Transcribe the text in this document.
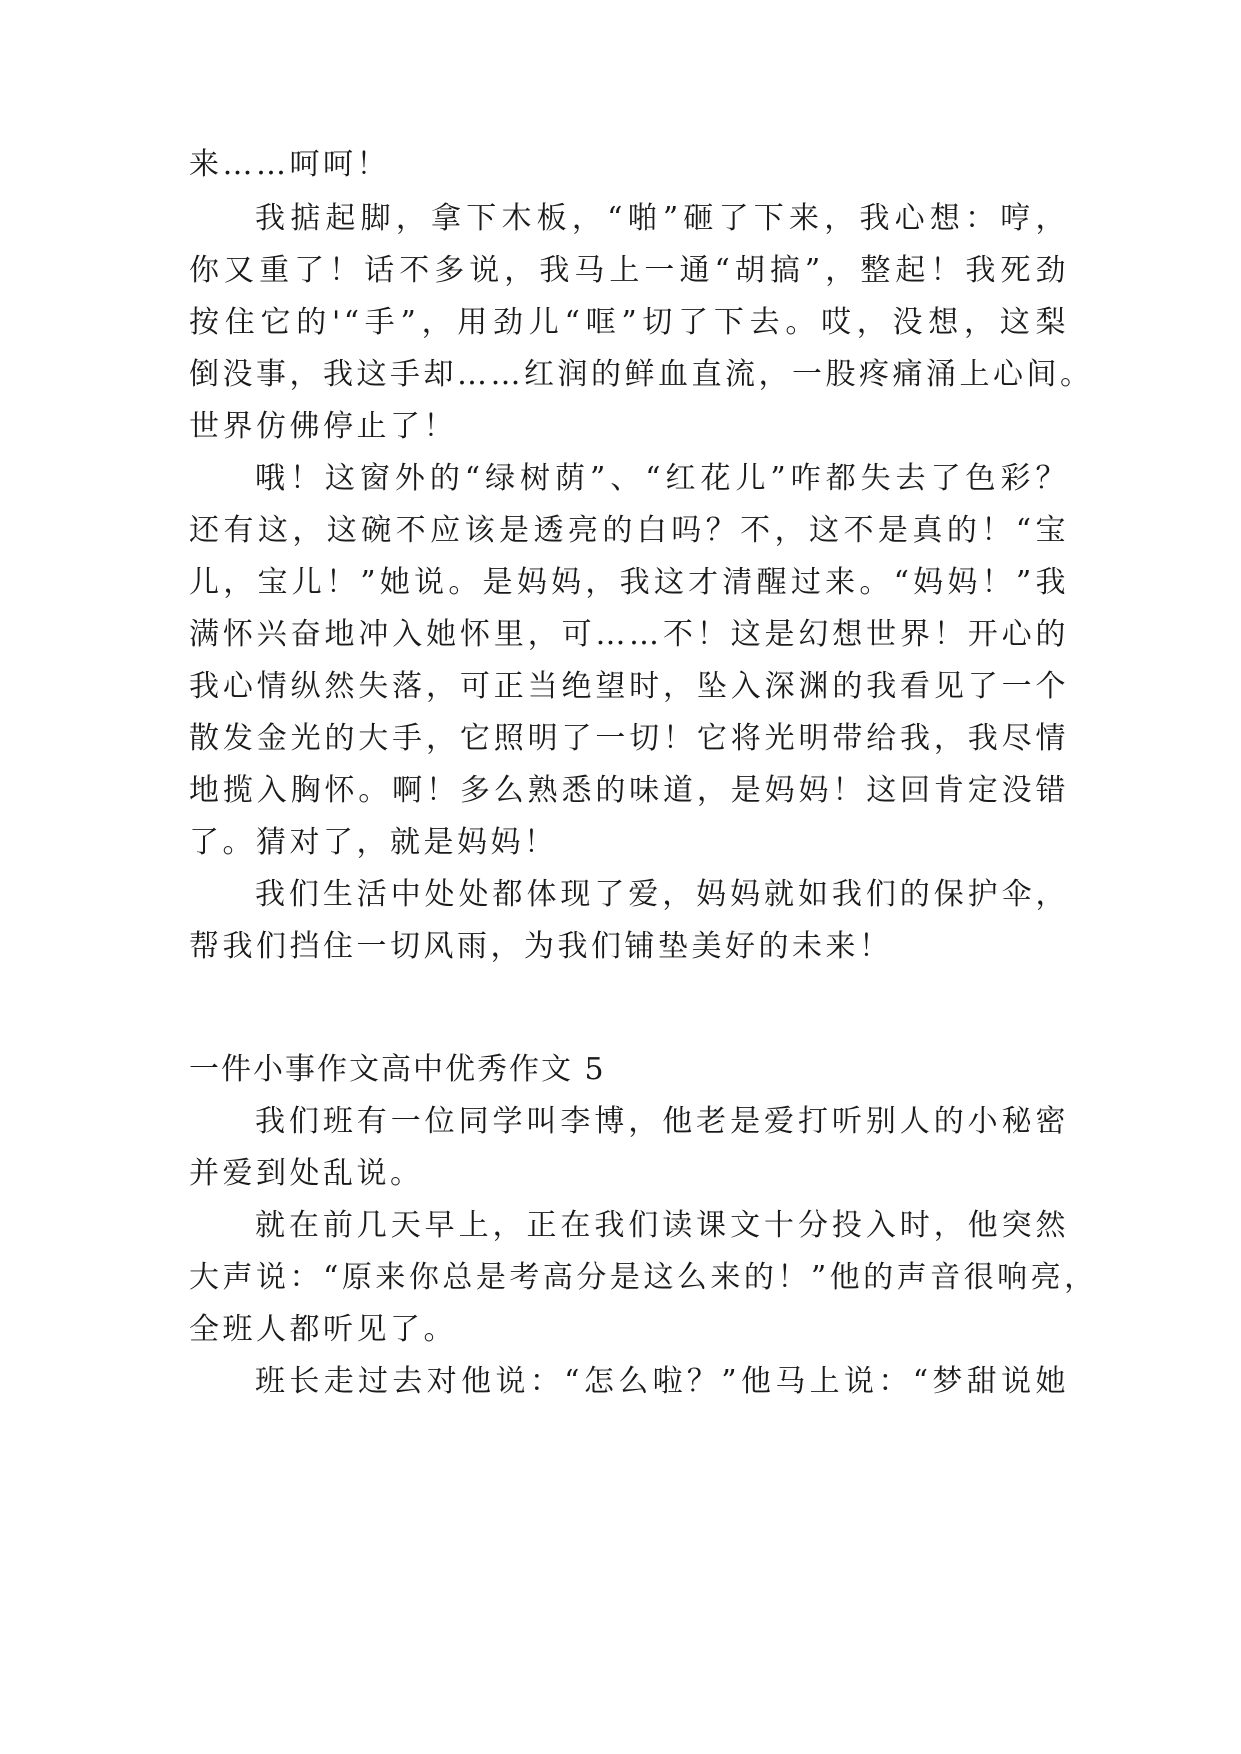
来……呵呵！
我掂起脚，拿下木板，“啪”砸了下来，我心想：哼，
你又重了！话不多说，我马上一通“胡搞”，整起！我死劲
按住它的'“手”，用劲儿“哐”切了下去。哎，没想，这梨
倒没事，我这手却……红润的鲜血直流，一股疼痛涌上心间。
世界仿佛停止了！
哦！这窗外的“绿树荫”、“红花儿”咋都失去了色彩？
还有这，这碗不应该是透亮的白吗？不，这不是真的！“宝
儿，宝儿！”她说。是妈妈，我这才清醒过来。“妈妈！”我
满怀兴奋地冲入她怀里，可……不！这是幻想世界！开心的
我心情纵然失落，可正当绝望时，坠入深渊的我看见了一个
散发金光的大手，它照明了一切！它将光明带给我，我尽情
地揽入胸怀。啊！多么熟悉的味道，是妈妈！这回肯定没错
了。猜对了，就是妈妈！
我们生活中处处都体现了爱，妈妈就如我们的保护伞，
帮我们挡住一切风雨，为我们铺垫美好的未来！
一件小事作文高中优秀作文 5
我们班有一位同学叫李博，他老是爱打听别人的小秘密
并爱到处乱说。
就在前几天早上，正在我们读课文十分投入时，他突然
大声说：“原来你总是考高分是这么来的！”他的声音很响亮，
全班人都听见了。
班长走过去对他说：“怎么啦？”他马上说：“梦甜说她
